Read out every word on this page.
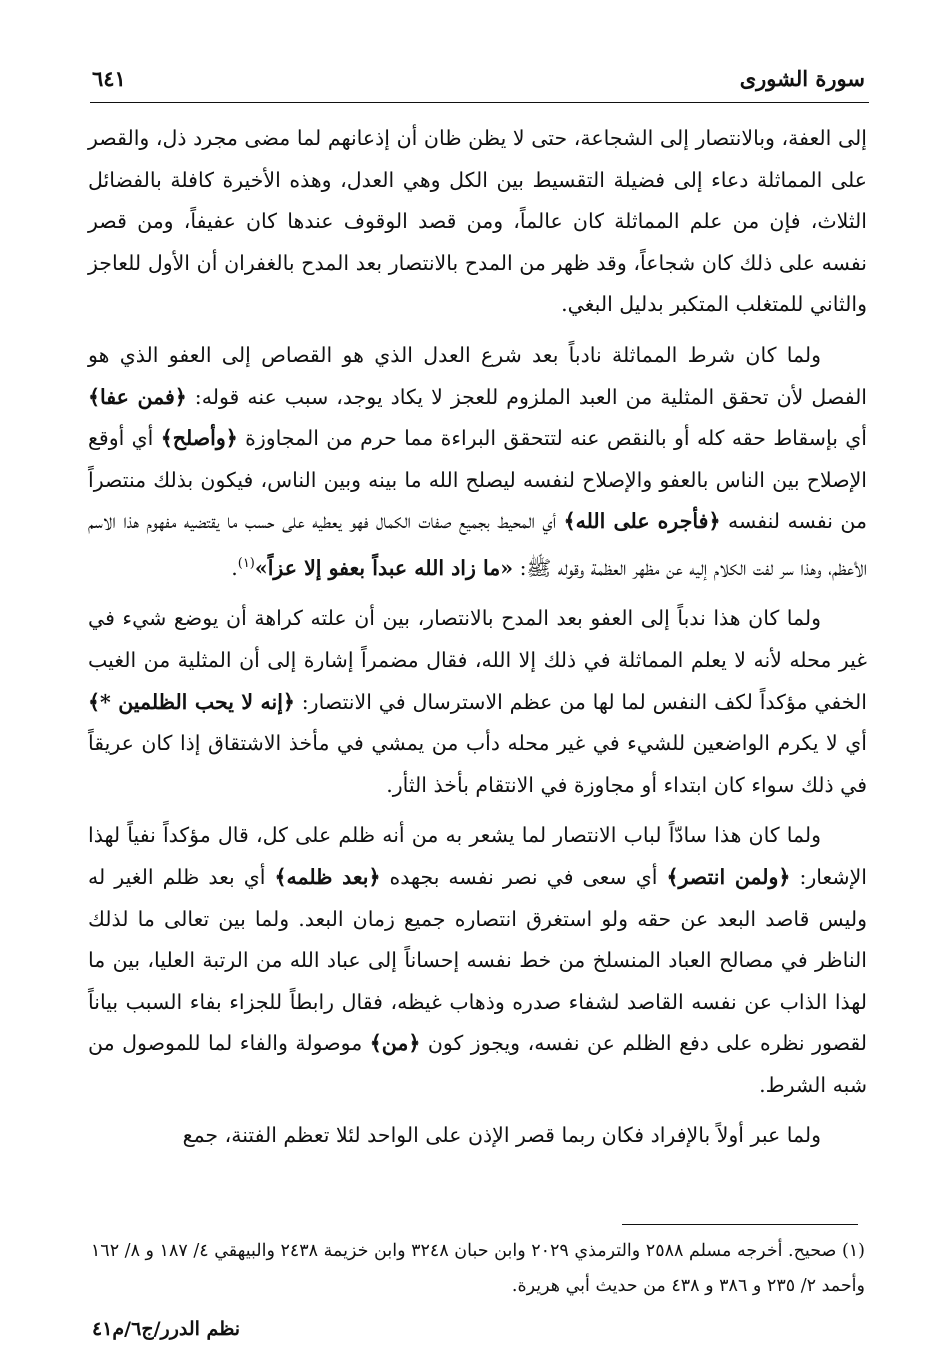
٦٤١	سورة الشورى

إلى العفة، وبالانتصار إلى الشجاعة، حتى لا يظن ظان أن إذعانهم لما مضى مجرد ذل، والقصر على المماثلة دعاء إلى فضيلة التقسيط بين الكل وهي العدل، وهذه الأخيرة كافلة بالفضائل الثلاث، فإن من علم المماثلة كان عالماً، ومن قصد الوقوف عندها كان عفيفاً، ومن قصر نفسه على ذلك كان شجاعاً، وقد ظهر من المدح بالانتصار بعد المدح بالغفران أن الأول للعاجز والثاني للمتغلب المتكبر بدليل البغي.

ولما كان شرط المماثلة نادباً بعد شرع العدل الذي هو القصاص إلى العفو الذي هو الفصل لأن تحقق المثلية من العبد الملزوم للعجز لا يكاد يوجد، سبب عنه قوله: ﴿فمن عفا﴾ أي بإسقاط حقه كله أو بالنقص عنه لتتحقق البراءة مما حرم من المجاوزة ﴿وأصلح﴾ أي أوقع الإصلاح بين الناس بالعفو والإصلاح لنفسه ليصلح الله ما بينه وبين الناس، فيكون بذلك منتصراً من نفسه لنفسه ﴿فأجره على الله﴾ أي المحيط بجميع صفات الكمال فهو يعطيه على حسب ما يقتضيه مفهوم هذا الاسم الأعظم، وهذا سر لفت الكلام إليه عن مظهر العظمة وقوله ﷺ: «ما زاد الله عبداً بعفو إلا عزاً»$^{(١)}$.

ولما كان هذا ندباً إلى العفو بعد المدح بالانتصار، بين أن علته كراهة أن يوضع شيء في غير محله لأنه لا يعلم المماثلة في ذلك إلا الله، فقال مضمراً إشارة إلى أن المثلية من الغيب الخفي مؤكداً لكف النفس لما لها من عظم الاسترسال في الانتصار: ﴿إنه لا يحب الظلمين *﴾ أي لا يكرم الواضعين للشيء في غير محله دأب من يمشي في مأخذ الاشتقاق إذا كان عريقاً في ذلك سواء كان ابتداء أو مجاوزة في الانتقام بأخذ الثأر.

ولما كان هذا سادّاً لباب الانتصار لما يشعر به من أنه ظلم على كل، قال مؤكداً نفياً لهذا الإشعار: ﴿ولمن انتصر﴾ أي سعى في نصر نفسه بجهده ﴿بعد ظلمه﴾ أي بعد ظلم الغير له وليس قاصد البعد عن حقه ولو استغرق انتصاره جميع زمان البعد. ولما بين تعالى ما لذلك الناظر في مصالح العباد المنسلخ من خط نفسه إحساناً إلى عباد الله من الرتبة العليا، بين ما لهذا الذاب عن نفسه القاصد لشفاء صدره وذهاب غيظه، فقال رابطاً للجزاء بفاء السبب بياناً لقصور نظره على دفع الظلم عن نفسه، ويجوز كون ﴿من﴾ موصولة والفاء لما للموصول من شبه الشرط.

ولما عبر أولاً بالإفراد فكان ربما قصر الإذن على الواحد لئلا تعظم الفتنة، جمع

(١) صحيح. أخرجه مسلم ٢٥٨٨ والترمذي ٢٠٢٩ وابن حبان ٣٢٤٨ وابن خزيمة ٢٤٣٨ والبيهقي ٤/ ١٨٧ و ٨/ ١٦٢ وأحمد ٢/ ٢٣٥ و ٣٨٦ و ٤٣٨ من حديث أبي هريرة.
نظم الدرر/ج٦/م٤١
